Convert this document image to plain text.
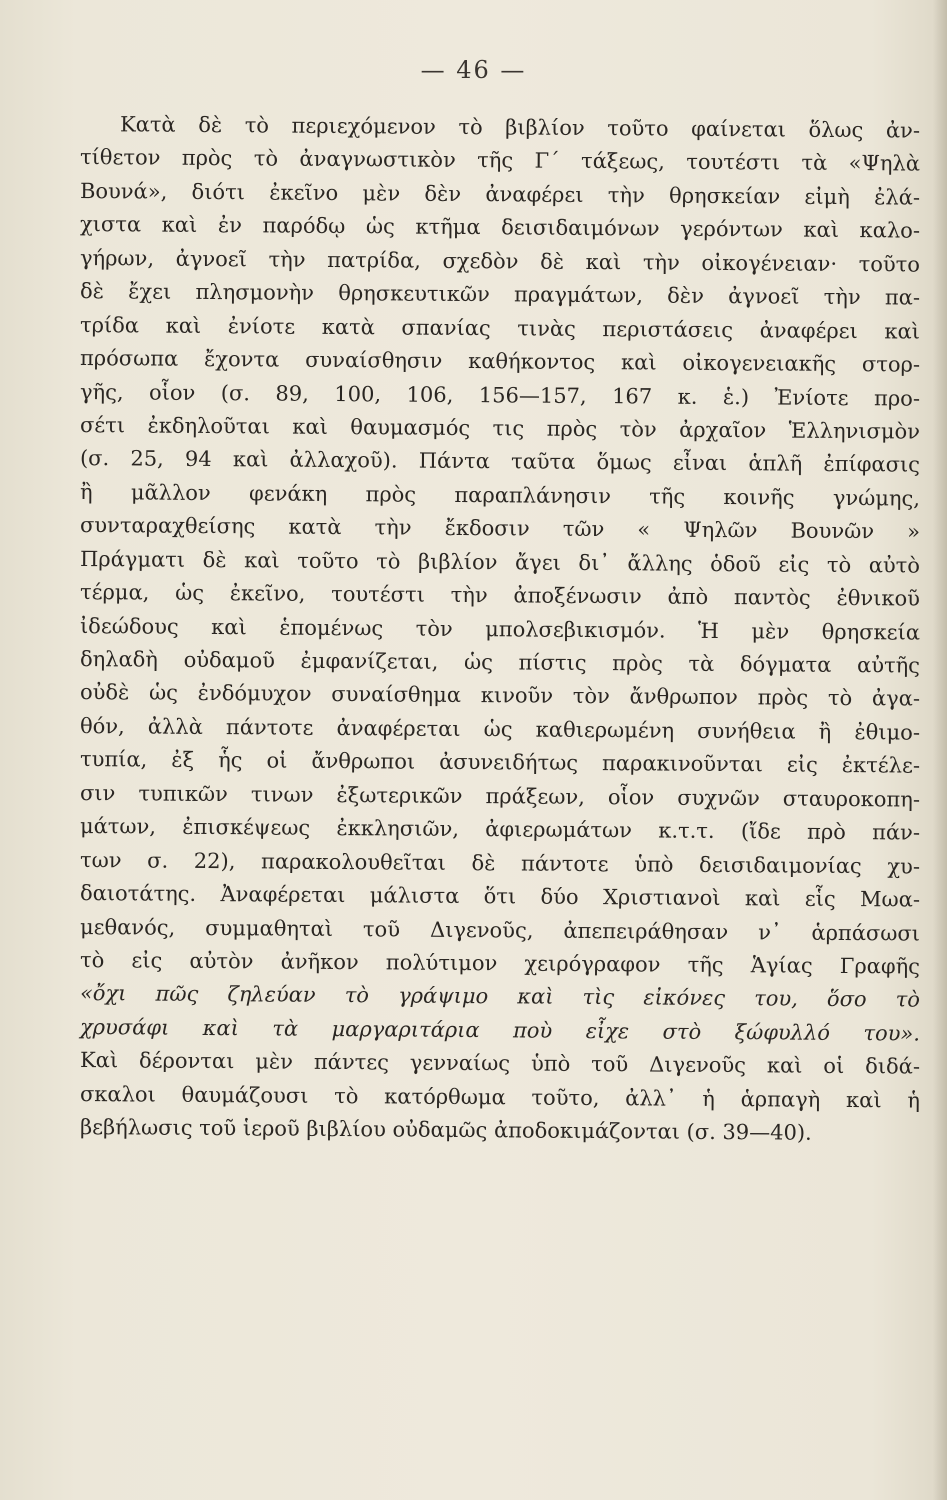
— 46 —
Κατὰ δὲ τὸ περιεχόμενον τὸ βιβλίον τοῦτο φαίνεται ὅλως ἀν-
τίθετον πρὸς τὸ ἀναγνωστικὸν τῆς Γ΄ τάξεως, τουτέστι τὰ «Ψηλὰ
Βουνά», διότι ἐκεῖνο μὲν δὲν ἀναφέρει τὴν θρησκείαν εἰμὴ ἐλά-
χιστα καὶ ἐν παρόδῳ ὡς κτῆμα δεισιδαιμόνων γερόντων καὶ καλο-
γήρων, ἀγνοεῖ τὴν πατρίδα, σχεδὸν δὲ καὶ τὴν οἰκογένειαν· τοῦτο
δὲ ἔχει πλησμονὴν θρησκευτικῶν πραγμάτων, δὲν ἀγνοεῖ τὴν πα-
τρίδα καὶ ἐνίοτε κατὰ σπανίας τινὰς περιστάσεις ἀναφέρει καὶ
πρόσωπα ἔχοντα συναίσθησιν καθήκοντος καὶ οἰκογενειακῆς στορ-
γῆς, οἷον (σ. 89, 100, 106, 156—157, 167 κ. ἑ.) Ἐνίοτε προ-
σέτι ἐκδηλοῦται καὶ θαυμασμός τις πρὸς τὸν ἀρχαῖον Ἑλληνισμὸν
(σ. 25, 94 καὶ ἀλλαχοῦ). Πάντα ταῦτα ὅμως εἶναι ἁπλῆ ἐπίφασις
ἢ μᾶλλον φενάκη πρὸς παραπλάνησιν τῆς κοινῆς γνώμης,
συνταραχθείσης κατὰ τὴν ἔκδοσιν τῶν « Ψηλῶν Βουνῶν »
Πράγματι δὲ καὶ τοῦτο τὸ βιβλίον ἄγει δι᾽ ἄλλης ὁδοῦ εἰς τὸ αὐτὸ
τέρμα, ὡς ἐκεῖνο, τουτέστι τὴν ἀποξένωσιν ἀπὸ παντὸς ἐθνικοῦ
ἰδεώδους καὶ ἑπομένως τὸν μπολσεβικισμόν. Ἡ μὲν θρησκεία
δηλαδὴ οὐδαμοῦ ἐμφανίζεται, ὡς πίστις πρὸς τὰ δόγματα αὐτῆς
οὐδὲ ὡς ἐνδόμυχον συναίσθημα κινοῦν τὸν ἄνθρωπον πρὸς τὸ ἀγα-
θόν, ἀλλὰ πάντοτε ἀναφέρεται ὡς καθιερωμένη συνήθεια ἢ ἐθιμο-
τυπία, ἐξ ἧς οἱ ἄνθρωποι ἀσυνειδήτως παρακινοῦνται εἰς ἐκτέλε-
σιν τυπικῶν τινων ἐξωτερικῶν πράξεων, οἷον συχνῶν σταυροκοπη-
μάτων, ἐπισκέψεως ἐκκλησιῶν, ἀφιερωμάτων κ.τ.τ. (ἴδε πρὸ πάν-
των σ. 22), παρακολουθεῖται δὲ πάντοτε ὑπὸ δεισιδαιμονίας χυ-
δαιοτάτης. Ἀναφέρεται μάλιστα ὅτι δύο Χριστιανοὶ καὶ εἷς Μωα-
μεθανός, συμμαθηταὶ τοῦ Διγενοῦς, ἀπεπειράθησαν ν᾽ ἁρπάσωσι
τὸ εἰς αὐτὸν ἀνῆκον πολύτιμον χειρόγραφον τῆς Ἁγίας Γραφῆς
«ὄχι πῶς ζηλεύαν τὸ γράψιμο καὶ τὶς εἰκόνες του, ὅσο τὸ
χρυσάφι καὶ τὰ μαργαριτάρια ποὺ εἶχε στὸ ξώφυλλό του».
Καὶ δέρονται μὲν πάντες γενναίως ὑπὸ τοῦ Διγενοῦς καὶ οἱ διδά-
σκαλοι θαυμάζουσι τὸ κατόρθωμα τοῦτο, ἀλλ᾽ ἡ ἁρπαγὴ καὶ ἡ
βεβήλωσις τοῦ ἱεροῦ βιβλίου οὐδαμῶς ἀποδοκιμάζονται (σ. 39—40).
